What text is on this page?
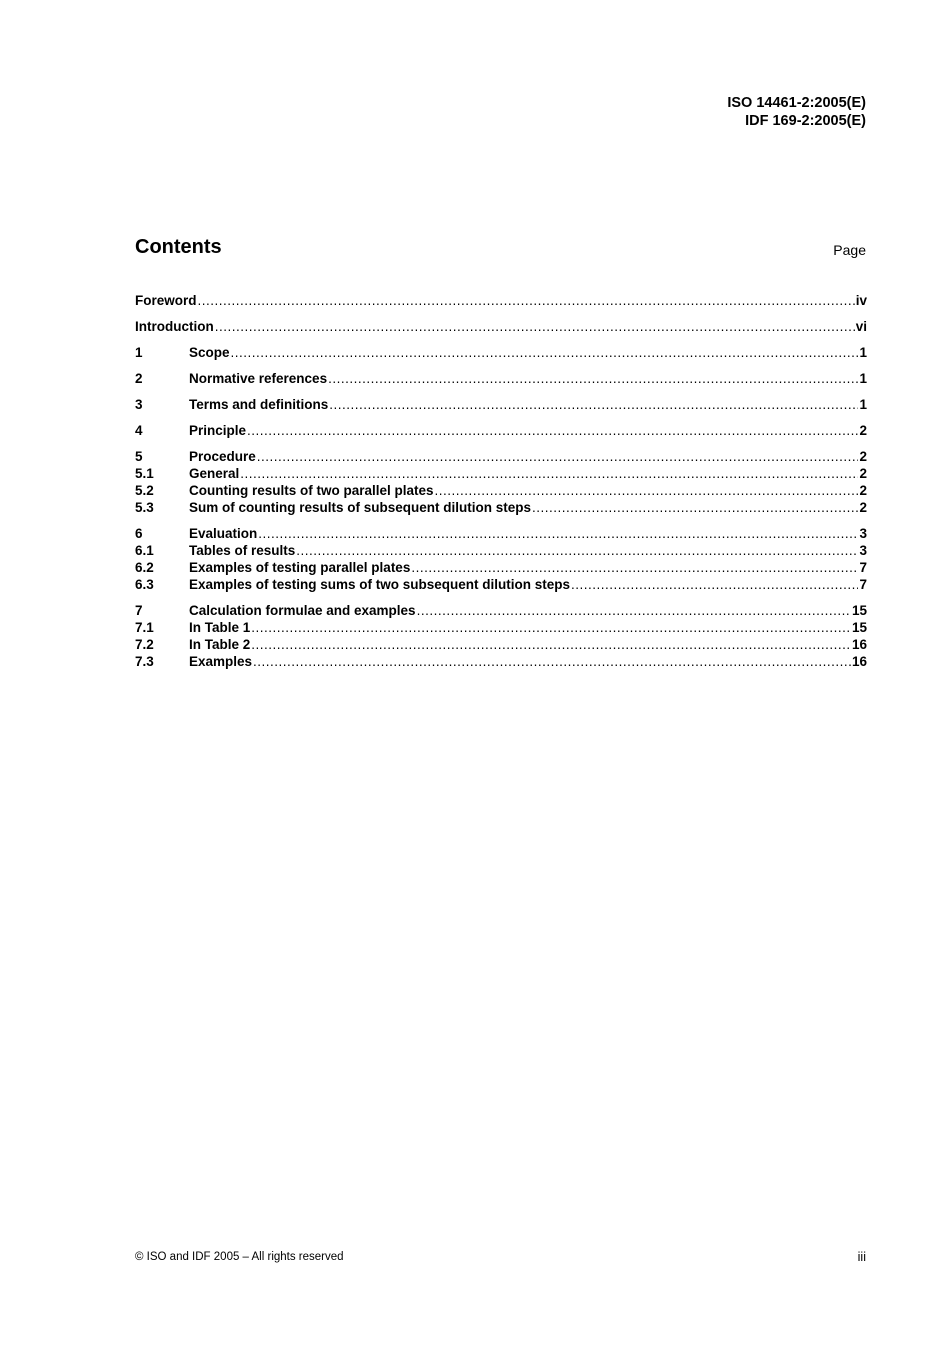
ISO 14461-2:2005(E)
IDF 169-2:2005(E)
Contents	Page
Foreword .....	iv
Introduction .....	vi
1	Scope .....	1
2	Normative references .....	1
3	Terms and definitions .....	1
4	Principle .....	2
5	Procedure .....	2
5.1	General .....	2
5.2	Counting results of two parallel plates .....	2
5.3	Sum of counting results of subsequent dilution steps .....	2
6	Evaluation .....	3
6.1	Tables of results .....	3
6.2	Examples of testing parallel plates .....	7
6.3	Examples of testing sums of two subsequent dilution steps .....	7
7	Calculation formulae and examples .....	15
7.1	In Table 1 .....	15
7.2	In Table 2 .....	16
7.3	Examples .....	16
© ISO and IDF 2005 – All rights reserved	iii
